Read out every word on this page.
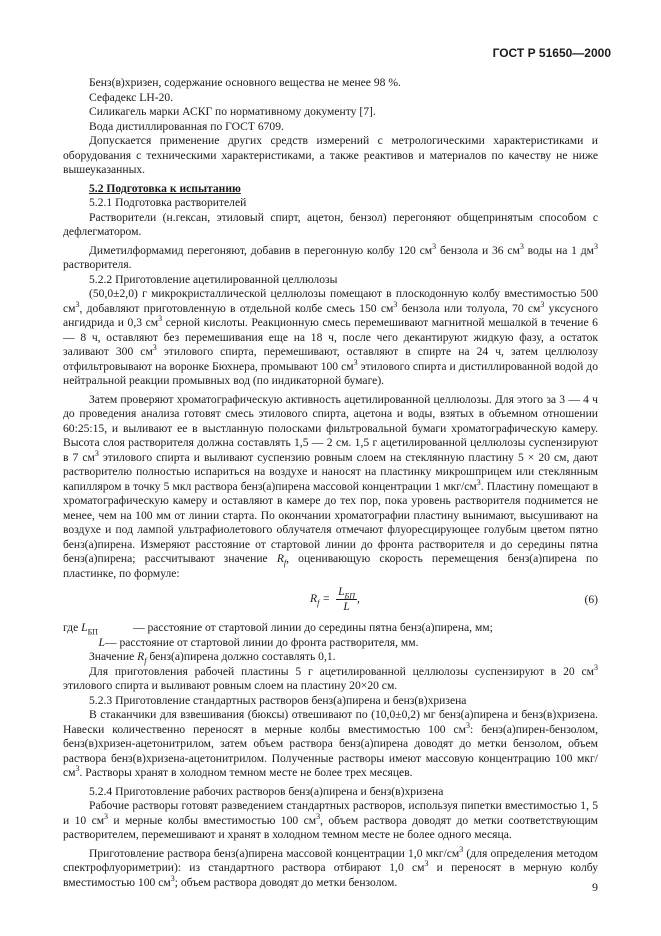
ГОСТ Р 51650—2000

Бенз(в)хризен, содержание основного вещества не менее 98 %.

Сефадекс LH-20.

Силикагель марки АСКГ по нормативному документу [7].

Вода дистиллированная по ГОСТ 6709.

Допускается применение других средств измерений с метрологическими характеристиками и оборудования с техническими характеристиками, а также реактивов и материалов по качеству не ниже вышеуказанных.

5.2 Подготовка к испытанию

5.2.1 Подготовка растворителей

Растворители (н.гексан, этиловый спирт, ацетон, бензол) перегоняют общепринятым способом с дефлегматором.

Диметилформамид перегоняют, добавив в перегонную колбу 120 $см^3$ бензола и 36 $см^3$ воды на 1 $дм^3$ растворителя.

5.2.2 Приготовление ацетилированной целлюлозы

(50,0±2,0) г микрокристаллической целлюлозы помещают в плоскодонную колбу вместимостью 500 $см^3$, добавляют приготовленную в отдельной колбе смесь 150 $см^3$ бензола или толуола, 70 $см^3$ уксусного ангидрида и 0,3 $см^3$ серной кислоты. Реакционную смесь перемешивают магнитной мешалкой в течение 6 — 8 ч, оставляют без перемешивания еще на 18 ч, после чего декантируют жидкую фазу, а остаток заливают 300 $см^3$ этилового спирта, перемешивают, оставляют в спирте на 24 ч, затем целлюлозу отфильтровывают на воронке Бюхнера, промывают 100 $см^3$ этилового спирта и дистиллированной водой до нейтральной реакции промывных вод (по индикаторной бумаге).

Затем проверяют хроматографическую активность ацетилированной целлюлозы. Для этого за 3 — 4 ч до проведения анализа готовят смесь этилового спирта, ацетона и воды, взятых в объемном отношении 60:25:15, и выливают ее в выстланную полосками фильтровальной бумаги хроматографическую камеру. Высота слоя растворителя должна составлять 1,5 — 2 см. 1,5 г ацетилированной целлюлозы суспензируют в 7 $см^3$ этилового спирта и выливают суспензию ровным слоем на стеклянную пластину 5 × 20 см, дают растворителю полностью испариться на воздухе и наносят на пластинку микрошприцем или стеклянным капилляром в точку 5 мкл раствора бенз(а)пирена массовой концентрации 1 мкг/$см^3$. Пластину помещают в хроматографическую камеру и оставляют в камере до тех пор, пока уровень растворителя поднимется не менее, чем на 100 мм от линии старта. По окончании хроматографии пластину вынимают, высушивают на воздухе и под лампой ультрафиолетового облучателя отмечают флуоресцирующее голубым цветом пятно бенз(а)пирена. Измеряют расстояние от стартовой линии до фронта растворителя и до середины пятна бенз(а)пирена; рассчитывают значение $R_f$, оценивающую скорость перемещения бенз(а)пирена по пластинке, по формуле:

$R_f = \frac{L_{БП}}{L}$ ,	(6)
где $L_{БП}$	— расстояние от стартовой линии до середины пятна бенз(а)пирена, мм;
L — расстояние от стартовой линии до фронта растворителя, мм.

Значение $R_f$ бенз(а)пирена должно составлять 0,1.

Для приготовления рабочей пластины 5 г ацетилированной целлюлозы суспензируют в 20 $см^3$ этилового спирта и выливают ровным слоем на пластину 20×20 см.

5.2.3 Приготовление стандартных растворов бенз(а)пирена и бенз(в)хризена

В стаканчики для взвешивания (бюксы) отвешивают по (10,0±0,2) мг бенз(а)пирена и бенз(в)хризена. Навески количественно переносят в мерные колбы вместимостью 100 $см^3$: бенз(а)пирен-бензолом, бенз(в)хризен-ацетонитрилом, затем объем раствора бенз(а)пирена доводят до метки бензолом, объем раствора бенз(в)хризена-ацетонитрилом. Полученные растворы имеют массовую концентрацию 100 мкг/$см^3$. Растворы хранят в холодном темном месте не более трех месяцев.

5.2.4 Приготовление рабочих растворов бенз(а)пирена и бенз(в)хризена

Рабочие растворы готовят разведением стандартных растворов, используя пипетки вместимостью 1, 5 и 10 $см^3$ и мерные колбы вместимостью 100 $см^3$, объем раствора доводят до метки соответствующим растворителем, перемешивают и хранят в холодном темном месте не более одного месяца.

Приготовление раствора бенз(а)пирена массовой концентрации 1,0 мкг/$см^3$ (для определения методом спектрофлуориметрии): из стандартного раствора отбирают 1,0 $см^3$ и переносят в мерную колбу вместимостью 100 $см^3$; объем раствора доводят до метки бензолом.	9
